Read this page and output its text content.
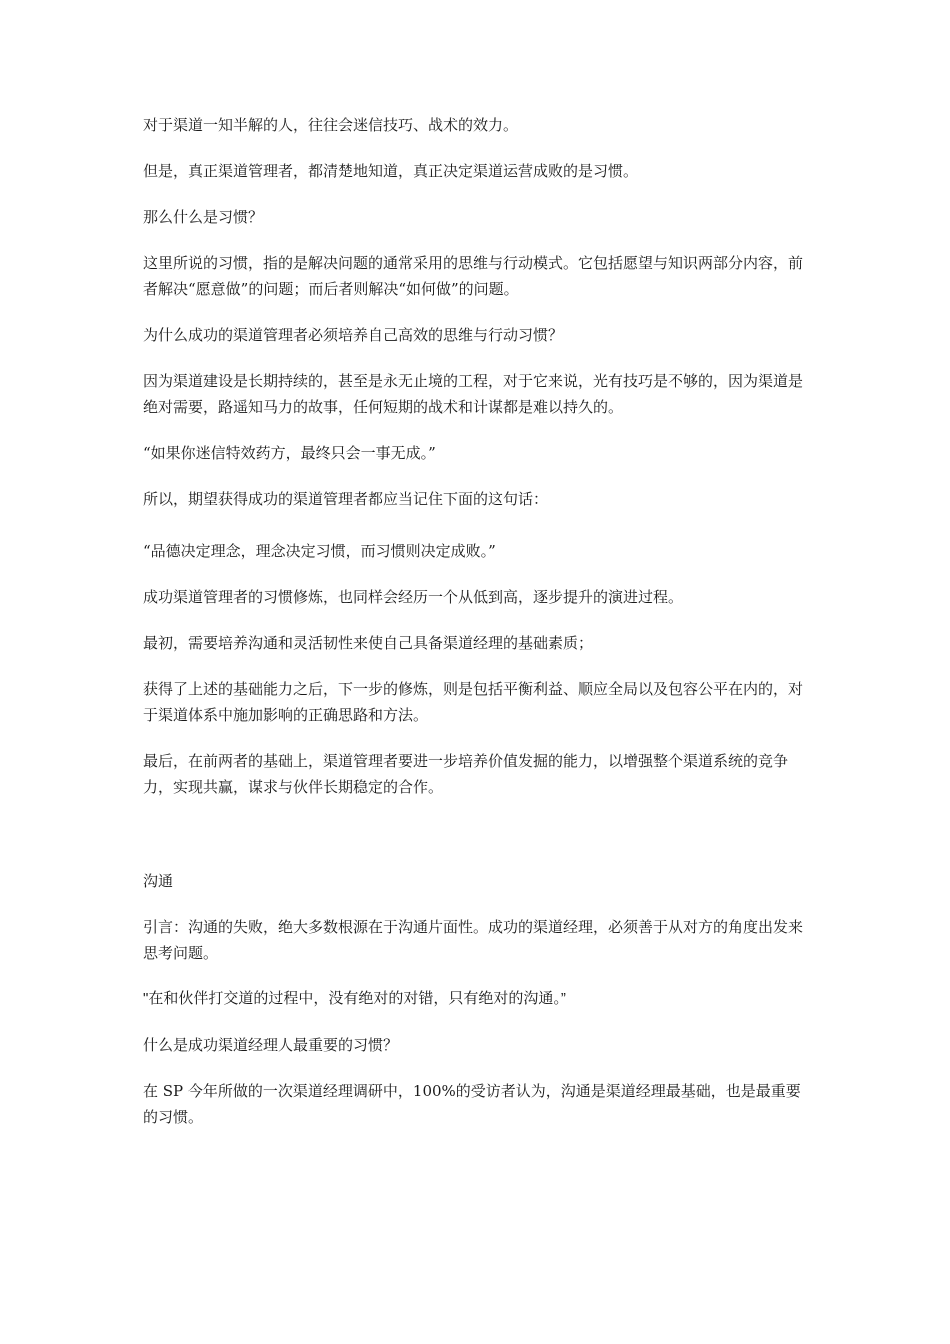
对于渠道一知半解的人，往往会迷信技巧、战术的效力。

但是，真正渠道管理者，都清楚地知道，真正决定渠道运营成败的是习惯。

那么什么是习惯？

这里所说的习惯，指的是解决问题的通常采用的思维与行动模式。它包括愿望与知识两部分内容，前者解决“愿意做”的问题；而后者则解决“如何做”的问题。

为什么成功的渠道管理者必须培养自己高效的思维与行动习惯？

因为渠道建设是长期持续的，甚至是永无止境的工程，对于它来说，光有技巧是不够的，因为渠道是绝对需要，路遥知马力的故事，任何短期的战术和计谋都是难以持久的。

“如果你迷信特效药方，最终只会一事无成。”

所以，期望获得成功的渠道管理者都应当记住下面的这句话：

“品德决定理念，理念决定习惯，而习惯则决定成败。”

成功渠道管理者的习惯修炼，也同样会经历一个从低到高，逐步提升的演进过程。

最初，需要培养沟通和灵活韧性来使自己具备渠道经理的基础素质；

获得了上述的基础能力之后，下一步的修炼，则是包括平衡利益、顺应全局以及包容公平在内的，对于渠道体系中施加影响的正确思路和方法。

最后，在前两者的基础上，渠道管理者要进一步培养价值发掘的能力，以增强整个渠道系统的竞争力，实现共赢，谋求与伙伴长期稳定的合作。

沟通

引言：沟通的失败，绝大多数根源在于沟通片面性。成功的渠道经理，必须善于从对方的角度出发来思考问题。

"在和伙伴打交道的过程中，没有绝对的对错，只有绝对的沟通。”

什么是成功渠道经理人最重要的习惯？

在 SP 今年所做的一次渠道经理调研中，100%的受访者认为，沟通是渠道经理最基础，也是最重要的习惯。
